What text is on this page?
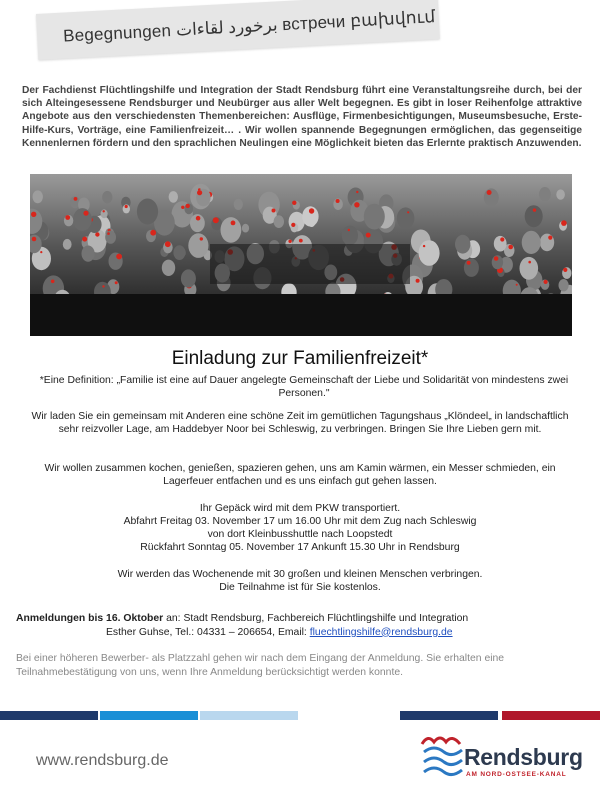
Begegnungen برخورد لقاءات встречи բախվում

Der Fachdienst Flüchtlingshilfe und Integration der Stadt Rendsburg führt eine Veranstaltungsreihe durch, bei der sich Alteingesessene Rendsburger und Neubürger aus aller Welt begegnen. Es gibt in loser Reihenfolge attraktive Angebote aus den verschiedensten Themenbereichen: Ausflüge, Firmenbesichtigungen, Museumsbesuche, Erste-Hilfe-Kurs, Vorträge, eine Familienfreizeit… . Wir wollen spannende Begegnungen ermöglichen, das gegenseitige Kennenlernen fördern und den sprachlichen Neulingen eine Möglichkeit bieten das Erlernte praktisch Anzuwenden.

Einladung zur Familienfreizeit*

*Eine Definition: „Familie ist eine auf Dauer angelegte Gemeinschaft der Liebe und Solidarität von mindestens zwei Personen."

Wir laden Sie ein gemeinsam mit Anderen eine schöne Zeit im gemütlichen Tagungshaus „Klöndeel„ in landschaftlich sehr reizvoller Lage, am Haddebyer Noor bei Schleswig, zu verbringen. Bringen Sie Ihre Lieben gern mit.

Wir wollen zusammen kochen, genießen, spazieren gehen, uns am Kamin wärmen, ein Messer schmieden, ein Lagerfeuer entfachen und es uns einfach gut gehen lassen.

Ihr Gepäck wird mit dem PKW transportiert.
Abfahrt Freitag 03. November 17 um 16.00 Uhr mit dem Zug nach Schleswig
von dort Kleinbusshuttle nach Loopstedt
Rückfahrt Sonntag 05. November 17 Ankunft 15.30 Uhr in Rendsburg
Wir werden das Wochenende mit 30 großen und kleinen Menschen verbringen.
Die Teilnahme ist für Sie kostenlos.

Anmeldungen bis 16. Oktober an: Stadt Rendsburg, Fachbereich Flüchtlingshilfe und Integration
Esther Guhse, Tel.: 04331 – 206654, Email: fluechtlingshilfe@rendsburg.de

Bei einer höheren Bewerber- als Platzzahl gehen wir nach dem Eingang der Anmeldung. Sie erhalten eine Teilnahmebestätigung von uns, wenn Ihre Anmeldung berücksichtigt werden konnte.

www.rendsburg.de	Rendsburg
AM NORD-OSTSEE-KANAL
